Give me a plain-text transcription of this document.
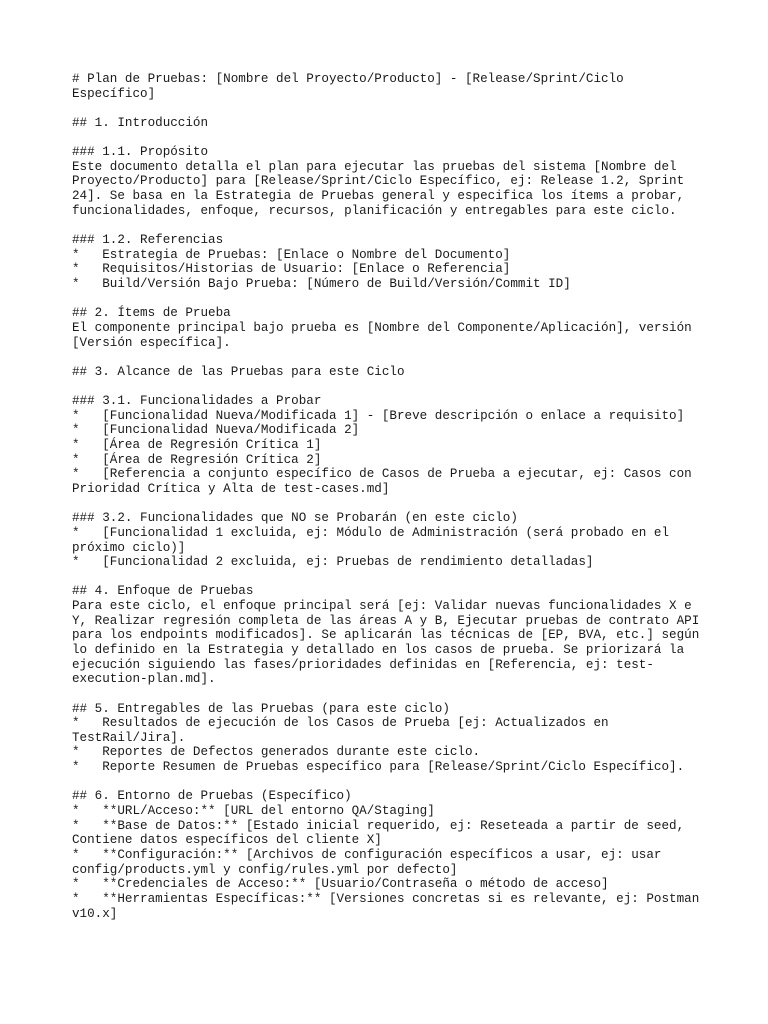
# Plan de Pruebas: [Nombre del Proyecto/Producto] - [Release/Sprint/Ciclo
Específico]
## 1. Introducción
### 1.1. Propósito
Este documento detalla el plan para ejecutar las pruebas del sistema [Nombre del
Proyecto/Producto] para [Release/Sprint/Ciclo Específico, ej: Release 1.2, Sprint
24]. Se basa en la Estrategia de Pruebas general y especifica los ítems a probar,
funcionalidades, enfoque, recursos, planificación y entregables para este ciclo.
### 1.2. Referencias
*   Estrategia de Pruebas: [Enlace o Nombre del Documento]
*   Requisitos/Historias de Usuario: [Enlace o Referencia]
*   Build/Versión Bajo Prueba: [Número de Build/Versión/Commit ID]
## 2. Ítems de Prueba
El componente principal bajo prueba es [Nombre del Componente/Aplicación], versión
[Versión específica].
## 3. Alcance de las Pruebas para este Ciclo
### 3.1. Funcionalidades a Probar
*   [Funcionalidad Nueva/Modificada 1] - [Breve descripción o enlace a requisito]
*   [Funcionalidad Nueva/Modificada 2]
*   [Área de Regresión Crítica 1]
*   [Área de Regresión Crítica 2]
*   [Referencia a conjunto específico de Casos de Prueba a ejecutar, ej: Casos con
Prioridad Crítica y Alta de test-cases.md]
### 3.2. Funcionalidades que NO se Probarán (en este ciclo)
*   [Funcionalidad 1 excluida, ej: Módulo de Administración (será probado en el
próximo ciclo)]
*   [Funcionalidad 2 excluida, ej: Pruebas de rendimiento detalladas]
## 4. Enfoque de Pruebas
Para este ciclo, el enfoque principal será [ej: Validar nuevas funcionalidades X e
Y, Realizar regresión completa de las áreas A y B, Ejecutar pruebas de contrato API
para los endpoints modificados]. Se aplicarán las técnicas de [EP, BVA, etc.] según
lo definido en la Estrategia y detallado en los casos de prueba. Se priorizará la
ejecución siguiendo las fases/prioridades definidas en [Referencia, ej: test-
execution-plan.md].
## 5. Entregables de las Pruebas (para este ciclo)
*   Resultados de ejecución de los Casos de Prueba [ej: Actualizados en
TestRail/Jira].
*   Reportes de Defectos generados durante este ciclo.
*   Reporte Resumen de Pruebas específico para [Release/Sprint/Ciclo Específico].
## 6. Entorno de Pruebas (Específico)
*   **URL/Acceso:** [URL del entorno QA/Staging]
*   **Base de Datos:** [Estado inicial requerido, ej: Reseteada a partir de seed,
Contiene datos específicos del cliente X]
*   **Configuración:** [Archivos de configuración específicos a usar, ej: usar
config/products.yml y config/rules.yml por defecto]
*   **Credenciales de Acceso:** [Usuario/Contraseña o método de acceso]
*   **Herramientas Específicas:** [Versiones concretas si es relevante, ej: Postman
v10.x]
